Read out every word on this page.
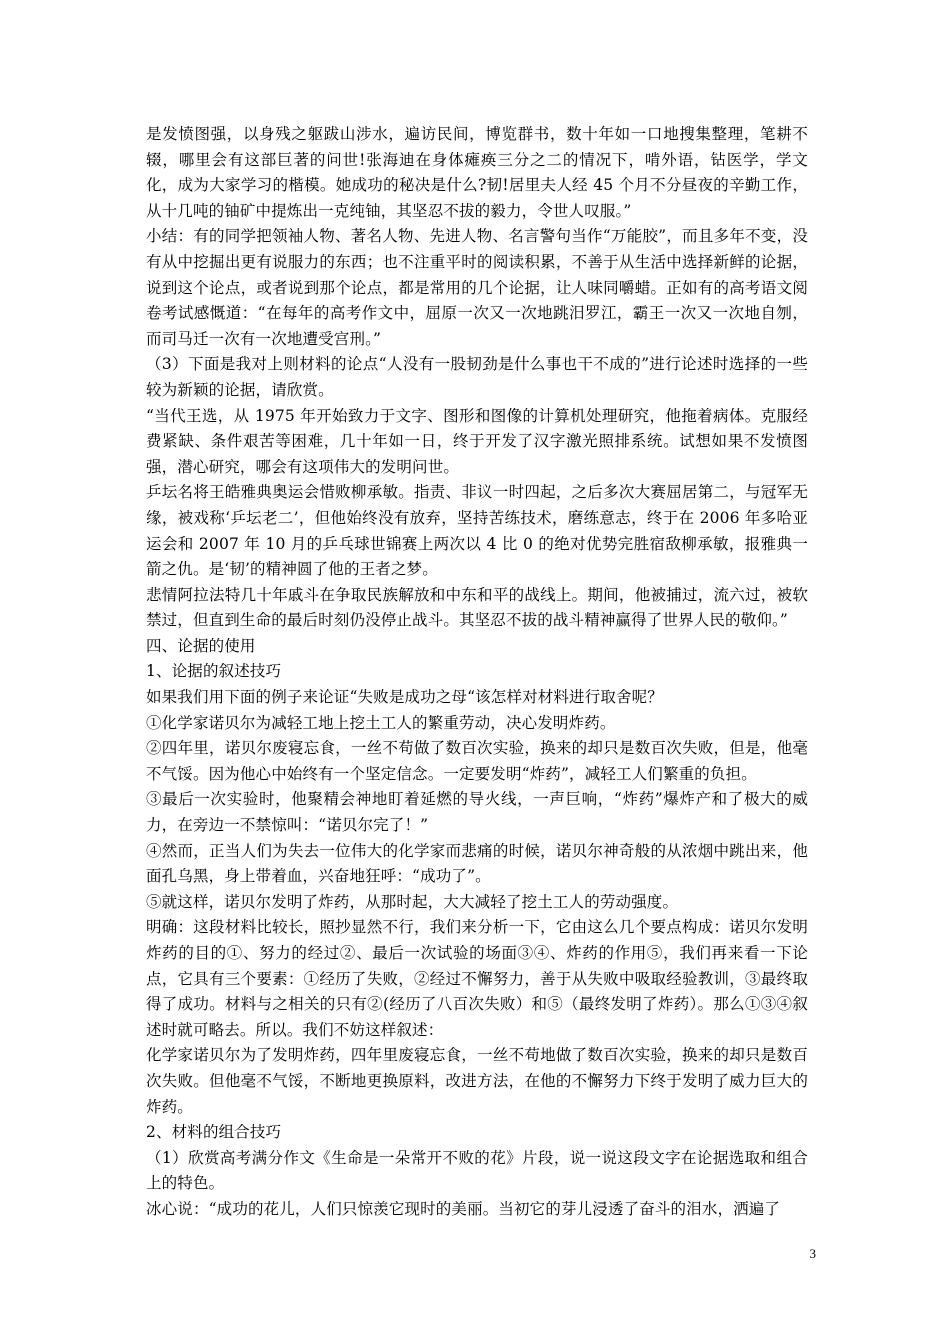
是发愤图强，以身残之躯跋山涉水，遍访民间，博览群书，数十年如一口地搜集整理，笔耕不辍，哪里会有这部巨著的问世!张海迪在身体瘫痪三分之二的情况下，啃外语，钻医学，学文化，成为大家学习的楷模。她成功的秘决是什么?韧!居里夫人经 45 个月不分昼夜的辛勤工作，从十几吨的铀矿中提炼出一克纯铀，其坚忍不拔的毅力，令世人叹服。”

小结：有的同学把领袖人物、著名人物、先进人物、名言警句当作“万能胶”，而且多年不变，没有从中挖掘出更有说服力的东西；也不注重平时的阅读积累，不善于从生活中选择新鲜的论据，说到这个论点，或者说到那个论点，都是常用的几个论据，让人味同嚼蜡。正如有的高考语文阅卷考试感慨道：“在每年的高考作文中，屈原一次又一次地跳汨罗江，霸王一次又一次地自刎，而司马迁一次有一次地遭受宫刑。”

（3）下面是我对上则材料的论点“人没有一股韧劲是什么事也干不成的”进行论述时选择的一些较为新颖的论据，请欣赏。

“当代王选，从 1975 年开始致力于文字、图形和图像的计算机处理研究，他拖着病体。克服经费紧缺、条件艰苦等困难，几十年如一日，终于开发了汉字激光照排系统。试想如果不发愤图强，潜心研究，哪会有这项伟大的发明问世。

乒坛名将王皓雅典奥运会惜败柳承敏。指责、非议一时四起，之后多次大赛屈居第二，与冠军无缘，被戏称‘乒坛老二’，但他始终没有放弃，坚持苦练技术，磨练意志，终于在 2006 年多哈亚运会和 2007 年 10 月的乒乓球世锦赛上两次以 4 比 0 的绝对优势完胜宿敌柳承敏，报雅典一箭之仇。是‘韧’的精神圆了他的王者之梦。

悲情阿拉法特几十年戚斗在争取民族解放和中东和平的战线上。期间，他被捕过，流六过，被软禁过，但直到生命的最后时刻仍没停止战斗。其坚忍不拔的战斗精神赢得了世界人民的敬仰。”

四、论据的使用

1、论据的叙述技巧

如果我们用下面的例子来论证“失败是成功之母“该怎样对材料进行取舍呢？

①化学家诺贝尔为减轻工地上挖土工人的繁重劳动，决心发明炸药。

②四年里，诺贝尔废寝忘食，一丝不苟做了数百次实验，换来的却只是数百次失败，但是，他毫不气馁。因为他心中始终有一个坚定信念。一定要发明“炸药”，减轻工人们繁重的负担。

③最后一次实验时，他聚精会神地盯着延燃的导火线，一声巨响，“炸药”爆炸产和了极大的威力，在旁边一不禁惊叫：“诺贝尔完了！”

④然而，正当人们为失去一位伟大的化学家而悲痛的时候，诺贝尔神奇般的从浓烟中跳出来，他面孔乌黑，身上带着血，兴奋地狂呼：“成功了”。

⑤就这样，诺贝尔发明了炸药，从那时起，大大减轻了挖土工人的劳动强度。

明确：这段材料比较长，照抄显然不行，我们来分析一下，它由这么几个要点构成：诺贝尔发明炸药的目的①、努力的经过②、最后一次试验的场面③④、炸药的作用⑤，我们再来看一下论点，它具有三个要素：①经历了失败，②经过不懈努力，善于从失败中吸取经验教训，③最终取得了成功。材料与之相关的只有②(经历了八百次失败）和⑤（最终发明了炸药）。那么①③④叙述时就可略去。所以。我们不妨这样叙述：

化学家诺贝尔为了发明炸药，四年里废寝忘食，一丝不苟地做了数百次实验，换来的却只是数百次失败。但他毫不气馁，不断地更换原料，改进方法，在他的不懈努力下终于发明了威力巨大的炸药。

2、材料的组合技巧

（1）欣赏高考满分作文《生命是一朵常开不败的花》片段，说一说这段文字在论据选取和组合上的特色。

冰心说：“成功的花儿，人们只惊羡它现时的美丽。当初它的芽儿浸透了奋斗的泪水，洒遍了

3
